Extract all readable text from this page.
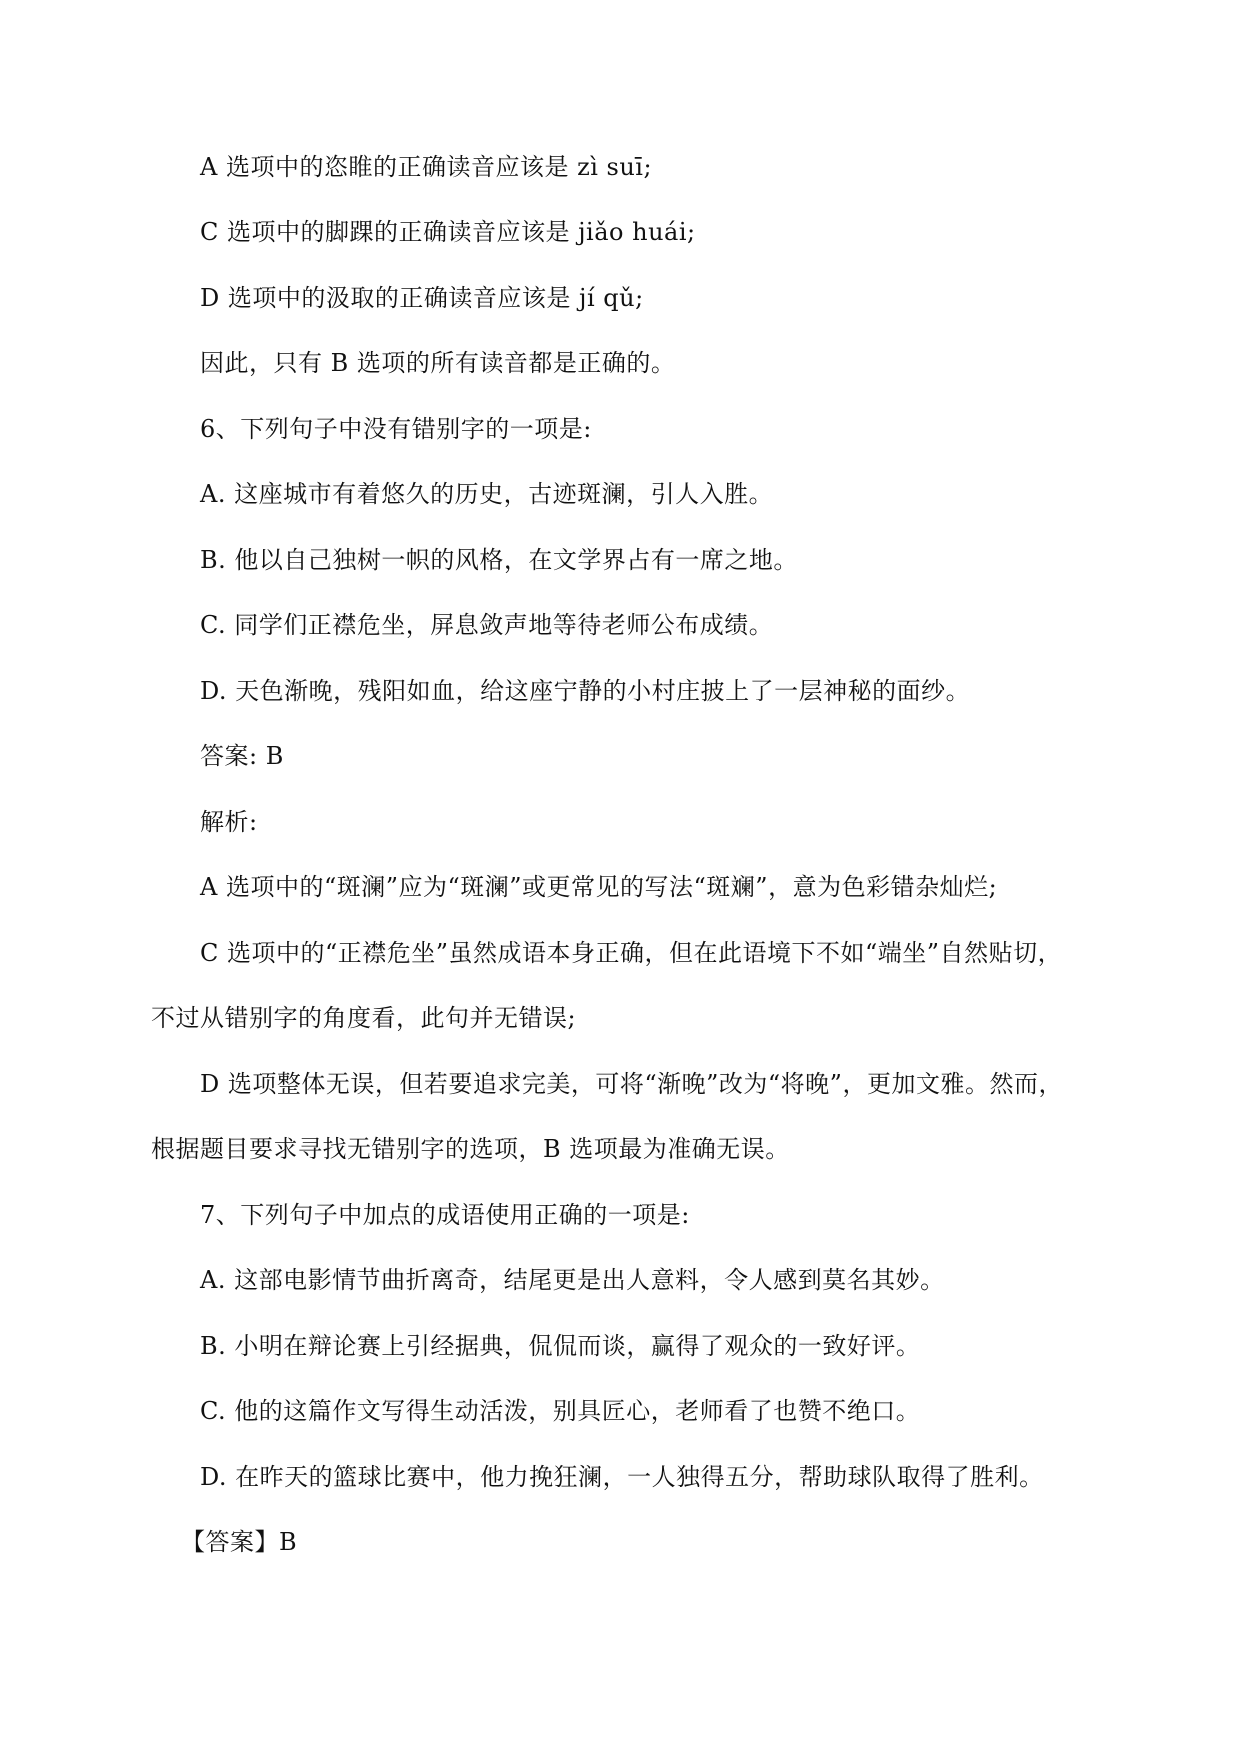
A 选项中的恣睢的正确读音应该是 zì suī;
C 选项中的脚踝的正确读音应该是 jiǎo huái;
D 选项中的汲取的正确读音应该是 jí qǔ;
因此，只有 B 选项的所有读音都是正确的。
6、下列句子中没有错别字的一项是:
A. 这座城市有着悠久的历史，古迹斑澜，引人入胜。
B. 他以自己独树一帜的风格，在文学界占有一席之地。
C. 同学们正襟危坐，屏息敛声地等待老师公布成绩。
D. 天色渐晚，残阳如血，给这座宁静的小村庄披上了一层神秘的面纱。
答案: B
解析:
A 选项中的“斑澜”应为“斑澜”或更常见的写法“斑斓”，意为色彩错杂灿烂;
C 选项中的“正襟危坐”虽然成语本身正确，但在此语境下不如“端坐”自然贴切，
不过从错别字的角度看，此句并无错误;
D 选项整体无误，但若要追求完美，可将“渐晚”改为“将晚”，更加文雅。然而，
根据题目要求寻找无错别字的选项，B 选项最为准确无误。
7、下列句子中加点的成语使用正确的一项是:
A. 这部电影情节曲折离奇，结尾更是出人意料，令人感到莫名其妙。
B. 小明在辩论赛上引经据典，侃侃而谈，赢得了观众的一致好评。
C. 他的这篇作文写得生动活泼，别具匠心，老师看了也赞不绝口。
D. 在昨天的篮球比赛中，他力挽狂澜，一人独得五分，帮助球队取得了胜利。
【答案】B
